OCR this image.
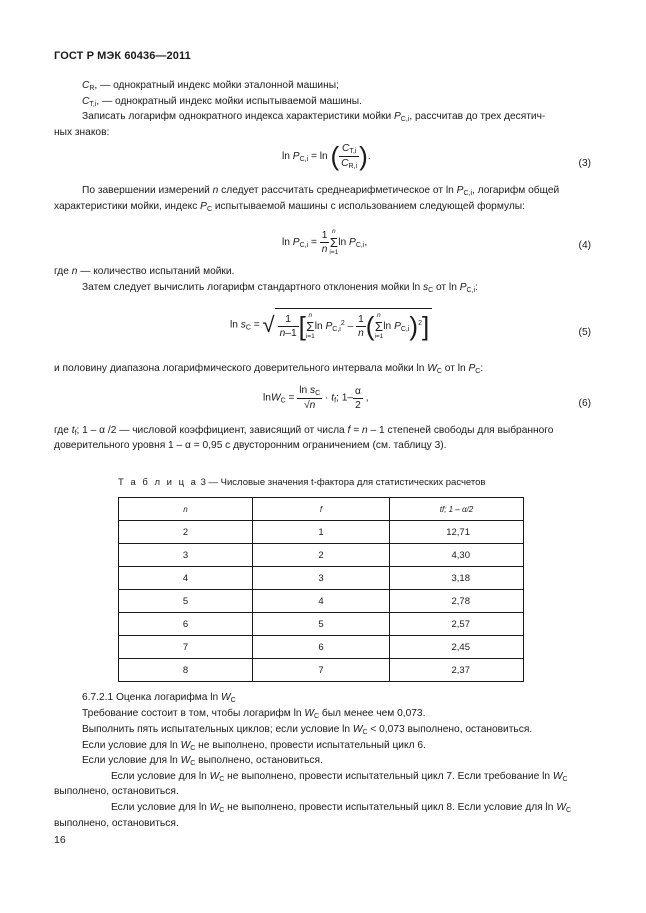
ГОСТ Р МЭК 60436—2011
$C_R$, — однократный индекс мойки эталонной машины;
$C_{T,i}$, — однократный индекс мойки испытываемой машины.
Записать логарифм однократного индекса характеристики мойки $P_{C,i}$, рассчитав до трех десятич-
ных знаков:
$\ln P_{C,i} = \ln$ ( $\frac{C_{T,i}}{C_{R,i}}$ ).
(3)
По завершении измерений n следует рассчитать среднеарифметическое от $\ln P_{C,i}$, логарифм общей
характеристики мойки, индекс $P_C$ испытываемой машины с использованием следующей формулы:
$\ln P_{C,i} = \frac{1}{n}$ n
Σ
i=1
$\ln P_{C,i}$,	(4)
где n — количество испытаний мойки.
Затем следует вычислить логарифм стандартного отклонения мойки $\ln s_C$ от $\ln P_{C,i}$:
$\ln s_C$ = √ $\frac{1}{n-1}$ [ n
Σ
i=1
$\ln P_{C,i}^2 - \frac{1}{n}$ ( n
Σ
i=1
$\ln P_{C,i})^2$]	(5)
и половину диапазона логарифмического доверительного интервала мойки $\ln W_C$ от $\ln P_C$:
$\ln W_C = \frac{\ln s_C}{√n} \cdot t_f$; $1- \frac{\alpha}{2}$ ,	(6)
где $t_f$; 1 – α /2 — числовой коэффициент, зависящий от числа f = n – 1 степеней свободы для выбранного
доверительного уровня 1 – α = 0,95 с двусторонним ограничением (см. таблицу 3).
Т а б л и ц а 3 — Числовые значения t-фактора для статистических расчетов
n	f	tf; 1 – α/2
2	1	12,71
3	2	4,30
4	3	3,18
5	4	2,78
6	5	2,57
7	6	2,45
8	7	2,37
6.7.2.1 Оценка логарифма $\ln W_C$
Требование состоит в том, чтобы логарифм $\ln W_C$ был менее чем 0,073.
Выполнить пять испытательных циклов; если условие $\ln W_C < 0,073$ выполнено, остановиться.
Если условие для $\ln W_C$ не выполнено, провести испытательный цикл 6.
Если условие для $\ln W_C$ выполнено, остановиться.
Если условие для $\ln W_C$ не выполнено, провести испытательный цикл 7. Если требование $\ln W_C$
выполнено, остановиться.
Если условие для $\ln W_C$ не выполнено, провести испытательный цикл 8. Если условие для $\ln W_C$
выполнено, остановиться.
16
